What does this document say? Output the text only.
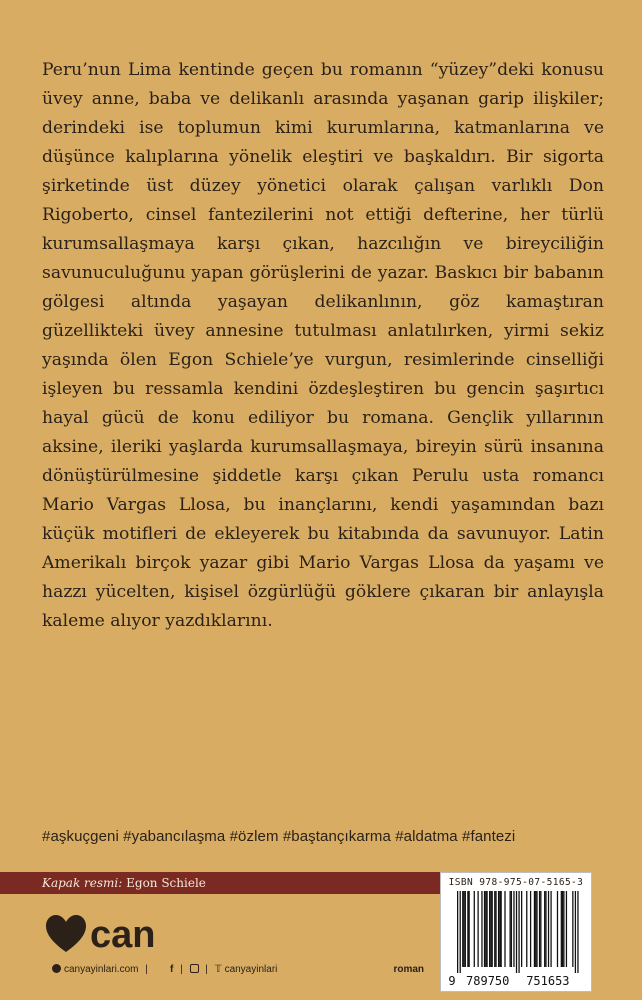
Peru’nun Lima kentinde geçen bu romanın “yüzey”deki konusu üvey anne, baba ve delikanlı arasında yaşanan garip ilişkiler; derindeki ise toplumun kimi kurumlarına, katmanlarına ve düşünce kalıplarına yönelik eleştiri ve başkaldırı. Bir sigorta şirketinde üst düzey yönetici olarak çalışan varlıklı Don Rigoberto, cinsel fantezilerini not ettiği defterine, her türlü kurumsallaşmaya karşı çıkan, hazcılığın ve bireyciliğin savunuculuğunu yapan görüşlerini de yazar. Baskıcı bir babanın gölgesi altında yaşayan delikanlının, göz kamaştıran güzellikteki üvey annesine tutulması anlatılırken, yirmi sekiz yaşında ölen Egon Schiele’ye vurgun, resimlerinde cinselliği işleyen bu ressamla kendini özdeşleştiren bu gencin şaşırtıcı hayal gücü de konu ediliyor bu romana. Gençlik yıllarının aksine, ileriki yaşlarda kurumsallaşmaya, bireyin sürü insanına dönüştürülmesine şiddetle karşı çıkan Perulu usta romancı Mario Vargas Llosa, bu inançlarını, kendi yaşamından bazı küçük motifleri de ekleyerek bu kitabında da savunuyor. Latin Amerikalı birçok yazar gibi Mario Vargas Llosa da yaşamı ve hazzı yücelten, kişisel özgürlüğü göklere çıkaran bir anlayışla kaleme alıyor yazdıklarını.

#aşkuçgeni #yabancılaşma #özlem #baştançıkarma #aldatma #fantezi
Kapak resmi: Egon Schiele
can
canyayinlari.com |	f | | 𝕋 canyayinlari	roman
ISBN 978-975-07-5165-3
9 789750 751653
